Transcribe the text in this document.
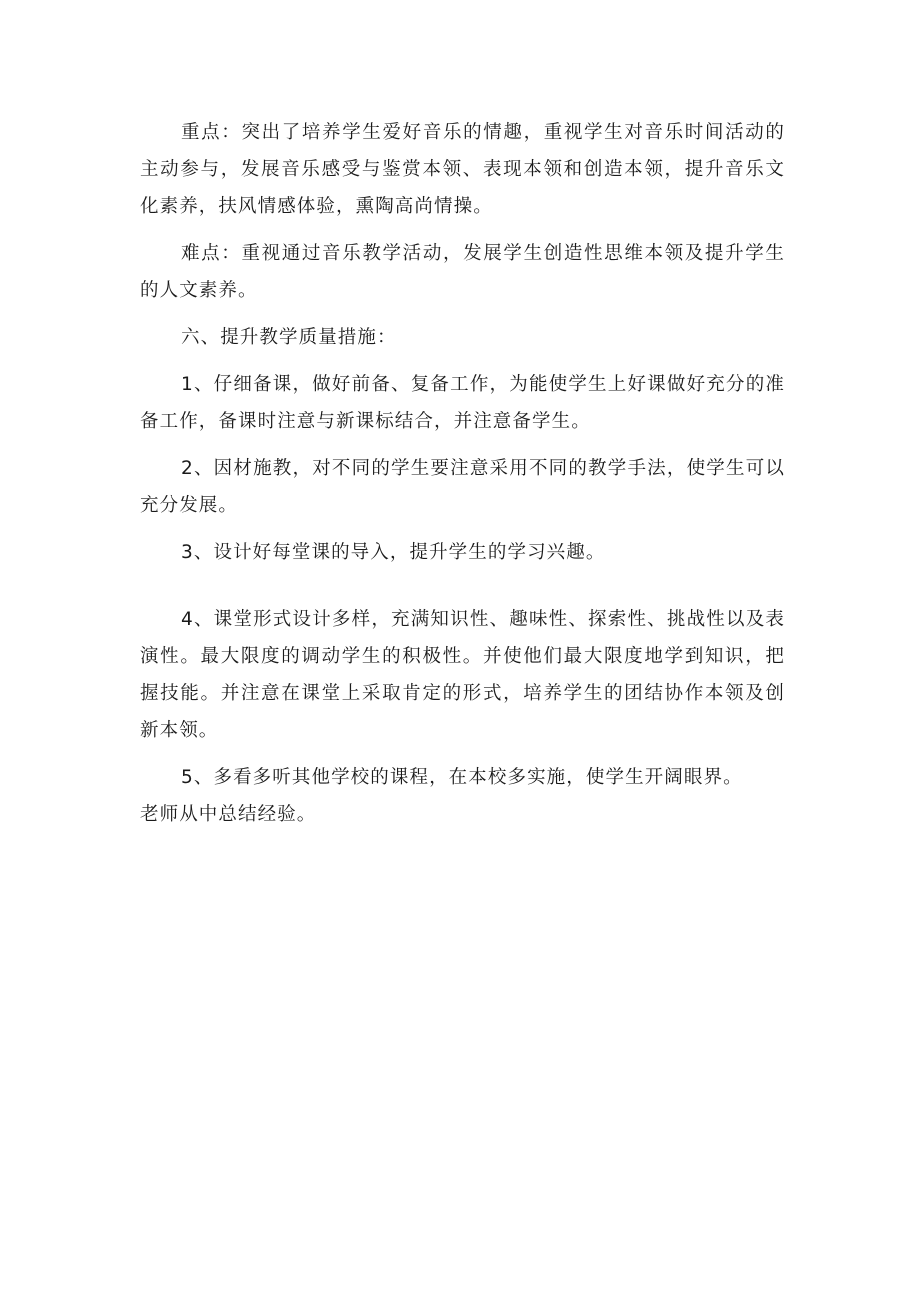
重点：突出了培养学生爱好音乐的情趣，重视学生对音乐时间活动的主动参与，发展音乐感受与鉴赏本领、表现本领和创造本领，提升音乐文化素养，扶风情感体验，熏陶高尚情操。

难点：重视通过音乐教学活动，发展学生创造性思维本领及提升学生的人文素养。

六、提升教学质量措施：

1、仔细备课，做好前备、复备工作，为能使学生上好课做好充分的准备工作，备课时注意与新课标结合，并注意备学生。

2、因材施教，对不同的学生要注意采用不同的教学手法，使学生可以充分发展。

3、设计好每堂课的导入，提升学生的学习兴趣。

4、课堂形式设计多样，充满知识性、趣味性、探索性、挑战性以及表演性。最大限度的调动学生的积极性。并使他们最大限度地学到知识，把握技能。并注意在课堂上采取肯定的形式，培养学生的团结协作本领及创新本领。

5、多看多听其他学校的课程，在本校多实施，使学生开阔眼界。

老师从中总结经验。
